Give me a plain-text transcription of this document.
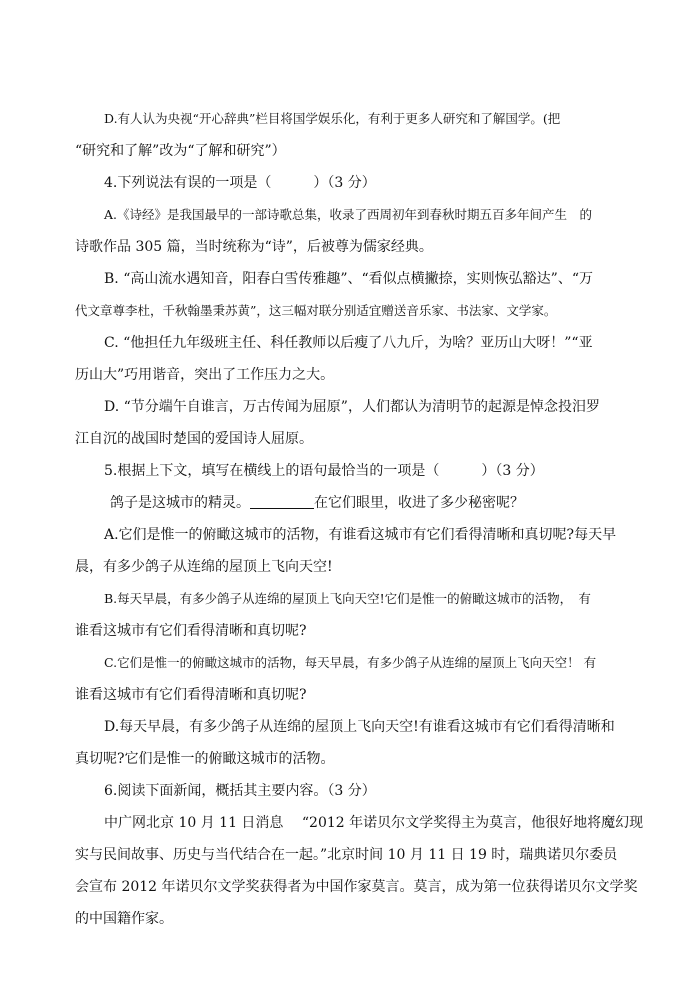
D.有人认为央视“开心辞典”栏目将国学娱乐化，有利于更多人研究和了解国学。(把
“研究和了解”改为“了解和研究”）
4.下列说法有误的一项是（　　　）（3 分）
A.《诗经》是我国最早的一部诗歌总集，收录了西周初年到春秋时期五百多年间产生　的
诗歌作品 305 篇，当时统称为“诗”，后被尊为儒家经典。
B. “高山流水遇知音，阳春白雪传雅趣”、“看似点横撇捺，实则恢弘豁达”、“万
代文章尊李杜，千秋翰墨秉苏黄”，这三幅对联分别适宜赠送音乐家、书法家、文学家。
C. “他担任九年级班主任、科任教师以后瘦了八九斤，为啥？亚历山大呀！”“亚
历山大”巧用谐音，突出了工作压力之大。
D. “节分端午自谁言，万古传闻为屈原”，人们都认为清明节的起源是悼念投汨罗
江自沉的战国时楚国的爱国诗人屈原。
5.根据上下文，填写在横线上的语句最恰当的一项是（　　　）（3 分）
鸽子是这城市的精灵。	在它们眼里，收进了多少秘密呢？
A.它们是惟一的俯瞰这城市的活物，有谁看这城市有它们看得清晰和真切呢?每天早
晨，有多少鸽子从连绵的屋顶上飞向天空!
B.每天早晨，有多少鸽子从连绵的屋顶上飞向天空!它们是惟一的俯瞰这城市的活物，　有
谁看这城市有它们看得清晰和真切呢?
C.它们是惟一的俯瞰这城市的活物，每天早晨，有多少鸽子从连绵的屋顶上飞向天空！ 有
谁看这城市有它们看得清晰和真切呢?
D.每天早晨，有多少鸽子从连绵的屋顶上飞向天空!有谁看这城市有它们看得清晰和
真切呢?它们是惟一的俯瞰这城市的活物。
6.阅读下面新闻，概括其主要内容。（3 分）
中广网北京 10 月 11 日消息　 “2012 年诺贝尔文学奖得主为莫言，他很好地将魔幻现
实与民间故事、历史与当代结合在一起。”北京时间 10 月 11 日 19 时，瑞典诺贝尔委员
会宣布 2012 年诺贝尔文学奖获得者为中国作家莫言。莫言，成为第一位获得诺贝尔文学奖
的中国籍作家。
